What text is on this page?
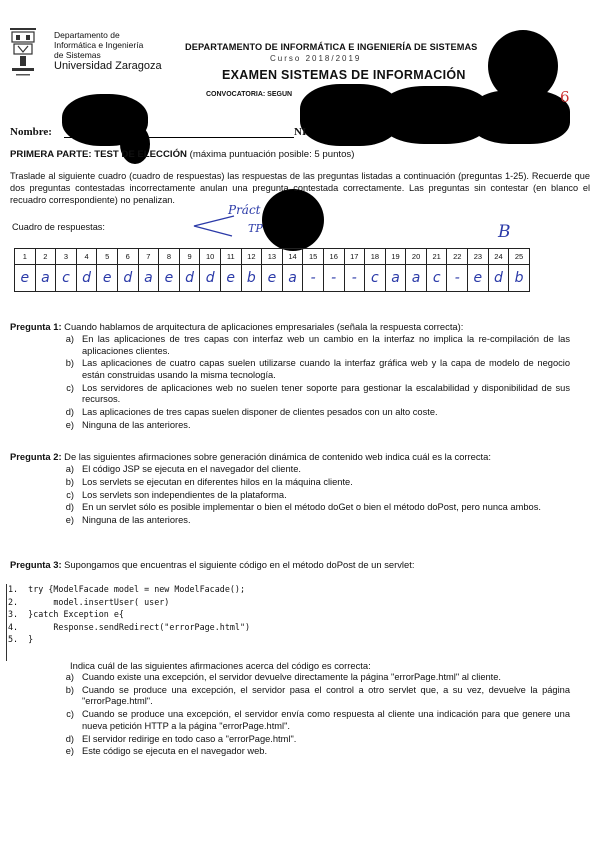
Departamento de
Informática e Ingeniería
de Sistemas
Universidad Zaragoza
DEPARTAMENTO DE INFORMÁTICA E INGENIERÍA DE SISTEMAS
Curso 2018/2019
EXAMEN SISTEMAS DE INFORMACIÓN
CONVOCATORIA: SEGUN
Nombre:	NI
6
PRIMERA PARTE: TEST DE ELECCIÓN (máxima puntuación posible: 5 puntos)
Traslade al siguiente cuadro (cuadro de respuestas) las respuestas de las preguntas listadas a continuación (preguntas 1-25). Recuerde que dos preguntas contestadas incorrectamente anulan una pregunta contestada correctamente. Las preguntas sin contestar (en blanco el recuadro correspondiente) no penalizan.
Cuadro de respuestas:
Práct
TP	B
1	2	3	4	5	6	7	8	9	10	11	12	13	14	15	16	17	18	19	20	21	22	23	24	25
e	a	c	d	e	d	a	e	d	d	e	b	e	a	-	-	-	c	a	a	c	-	e	d	b
Pregunta 1: Cuando hablamos de arquitectura de aplicaciones empresariales (señala la respuesta correcta):
a) En las aplicaciones de tres capas con interfaz web un cambio en la interfaz no implica la re-compilación de las aplicaciones clientes.
b) Las aplicaciones de cuatro capas suelen utilizarse cuando la interfaz gráfica web y la capa de modelo de negocio están construidas usando la misma tecnología.
c) Los servidores de aplicaciones web no suelen tener soporte para gestionar la escalabilidad y disponibilidad de sus recursos.
d) Las aplicaciones de tres capas suelen disponer de clientes pesados con un alto coste.
e) Ninguna de las anteriores.
Pregunta 2: De las siguientes afirmaciones sobre generación dinámica de contenido web indica cuál es la correcta:
a) El código JSP se ejecuta en el navegador del cliente.
b) Los servlets se ejecutan en diferentes hilos en la máquina cliente.
c) Los servlets son independientes de la plataforma.
d) En un servlet sólo es posible implementar o bien el método doGet o bien el método doPost, pero nunca ambos.
e) Ninguna de las anteriores.
Pregunta 3: Supongamos que encuentras el siguiente código en el método doPost de un servlet:
1.  try {ModelFacade model = new ModelFacade();
2.       model.insertUser( user)
3.  }catch Exception e{
4.       Response.sendRedirect("errorPage.html")
5.  }
Indica cuál de las siguientes afirmaciones acerca del código es correcta:
a) Cuando existe una excepción, el servidor devuelve directamente la página "errorPage.html" al cliente.
b) Cuando se produce una excepción, el servidor pasa el control a otro servlet que, a su vez, devuelve la página "errorPage.html".
c) Cuando se produce una excepción, el servidor envía como respuesta al cliente una indicación para que genere una nueva petición HTTP a la página "errorPage.html".
d) El servidor redirige en todo caso a "errorPage.html".
e) Este código se ejecuta en el navegador web.
